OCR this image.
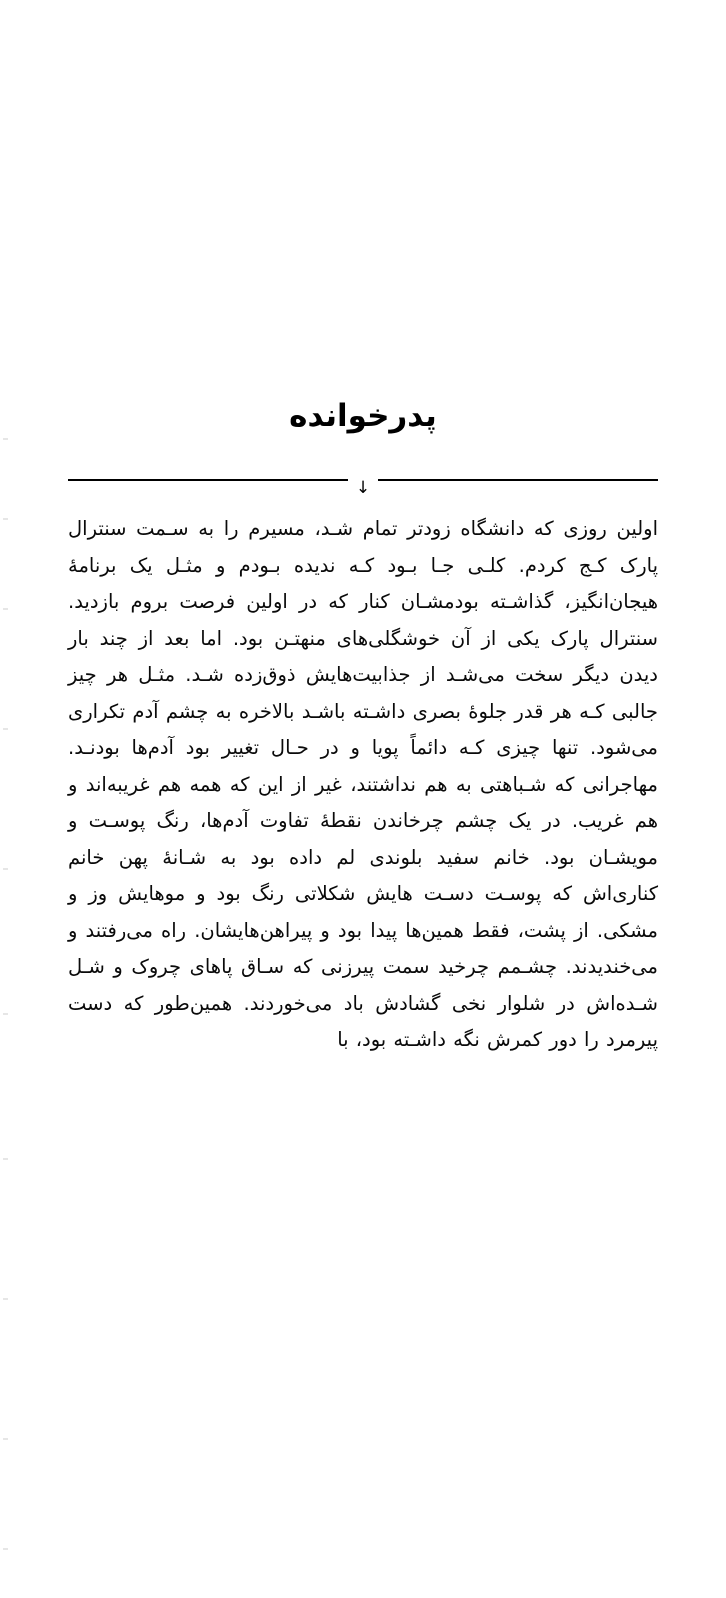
پدرخوانده
↓

اولین روزی که دانشگاه زودتر تمام شـد، مسیرم را به سـمت سنترال پارک کـج کردم. کلـی جـا بـود کـه ندیده بـودم و مثـل یک برنامهٔ هیجان‌انگیز، گذاشـته بودمشـان کنار که در اولین فرصت بروم بازدید. سنترال پارک یکی از آن خوشگلی‌های منهتـن بود. اما بعد از چند بار دیدن دیگر سخت می‌شـد از جذابیت‌هایش ذوق‌زده شـد. مثـل هر چیز جالبی کـه هر قدر جلوهٔ بصری داشـته باشـد بالاخره به چشم آدم تکراری می‌شود. تنها چیزی کـه دائماً پویا و در حـال تغییر بود آدم‌ها بودنـد. مهاجرانی که شـباهتی به هم نداشتند، غیر از این که همه هم غریبه‌اند و هم غریب. در یک چشم چرخاندن نقطهٔ تفاوت آدم‌ها، رنگ پوسـت و مویشـان بود. خانم سفید بلوندی لم داده بود به شـانهٔ پهن خانم کناری‌اش که پوسـت دسـت هایش شکلاتی رنگ بود و موهایش وز و مشکی. از پشت، فقط همین‌ها پیدا بود و پیراهن‌هایشان. راه می‌رفتند و می‌خندیدند. چشـمم چرخید سمت پیرزنی که سـاق پاهای چروک و شـل شـده‌اش در شلوار نخی گشادش باد می‌خوردند. همین‌طور که دست پیرمرد را دور کمرش نگه داشـته بود، با
